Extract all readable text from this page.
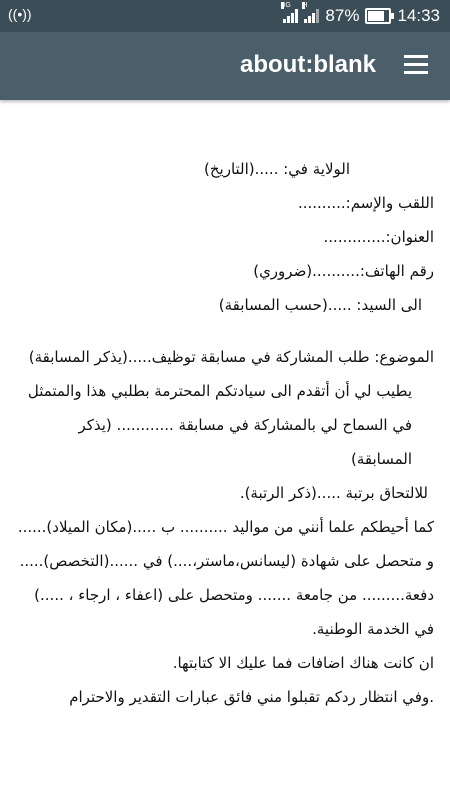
((•))
3G H
87% 14:33
about:blank

الولاية في: .....(التاريخ)

اللقب والإسم:..........

العنوان:.............

رقم الهاتف:..........(ضروري)

الى السيد: .....(حسب المسابقة)

الموضوع: طلب المشاركة في مسابقة توظيف.....(يذكر المسابقة)

يطيب لي أن أتقدم الى سيادتكم المحترمة بطلبي هذا والمتمثل في السماح لي بالمشاركة في مسابقة ............ (يذكر المسابقة)

للالتحاق برتبة .....(ذكر الرتبة).

كما أحيطكم علما أنني من مواليد .......... ب .....(مكان الميلاد)...... و متحصل على شهادة (ليسانس،ماستر،....) في ......(التخصص)..... دفعة......... من جامعة ....... ومتحصل على (اعفاء ، ارجاء ، .....) في الخدمة الوطنية.

ان كانت هناك اضافات فما عليك الا كتابتها.

.وفي انتظار ردكم تقبلوا مني فائق عبارات التقدير والاحترام
